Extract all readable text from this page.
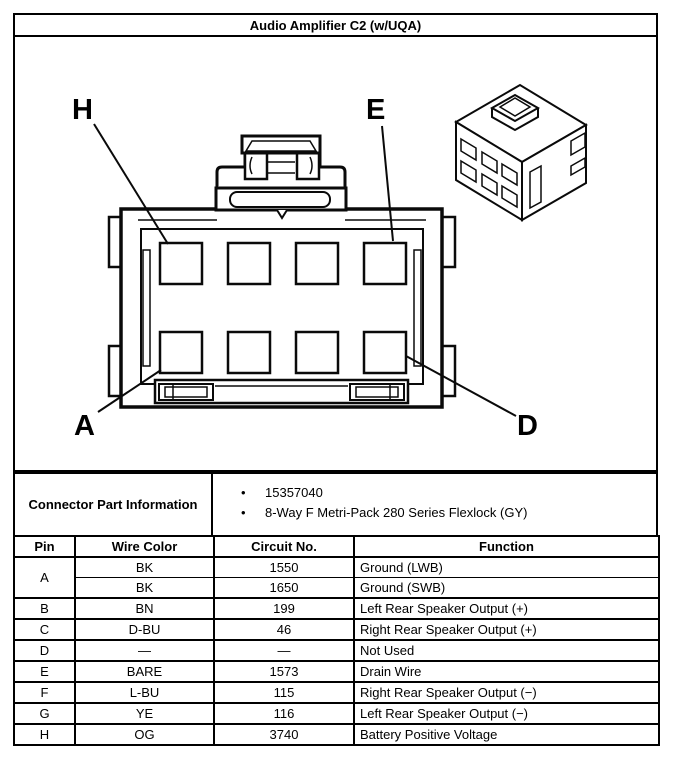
Audio Amplifier C2 (w/UQA)
H	E
A	D
Connector Part Information
•	15357040
•	8-Way F Metri-Pack 280 Series Flexlock (GY)
Pin	Wire Color	Circuit No.	Function
A	BK	1550	Ground (LWB)
	BK	1650	Ground (SWB)
B	BN	199	Left Rear Speaker Output (+)
C	D-BU	46	Right Rear Speaker Output (+)
D	—	—	Not Used
E	BARE	1573	Drain Wire
F	L-BU	115	Right Rear Speaker Output (−)
G	YE	116	Left Rear Speaker Output (−)
H	OG	3740	Battery Positive Voltage
